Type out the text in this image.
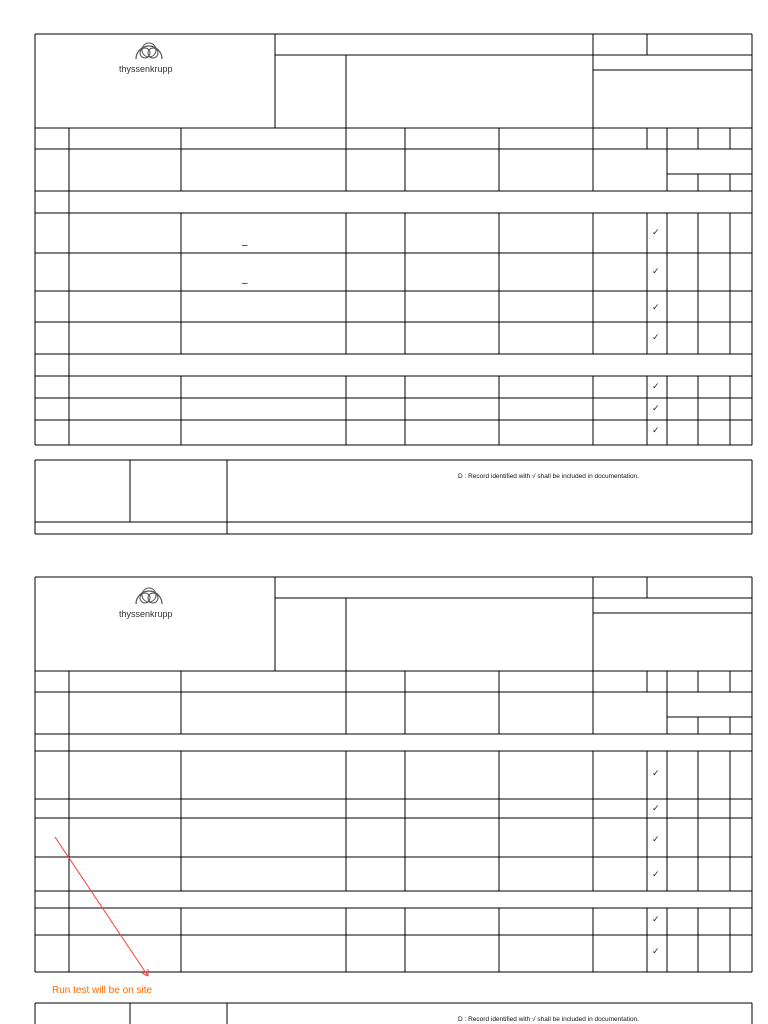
thyssenkrupp
–
–
✓
✓
✓
✓
✓
✓
✓
D : Record identified with √ shall be included in documentation.
thyssenkrupp
✓
✓
✓
✓
✓
✓
Run test will be on site
D : Record identified with √ shall be included in documentation.
